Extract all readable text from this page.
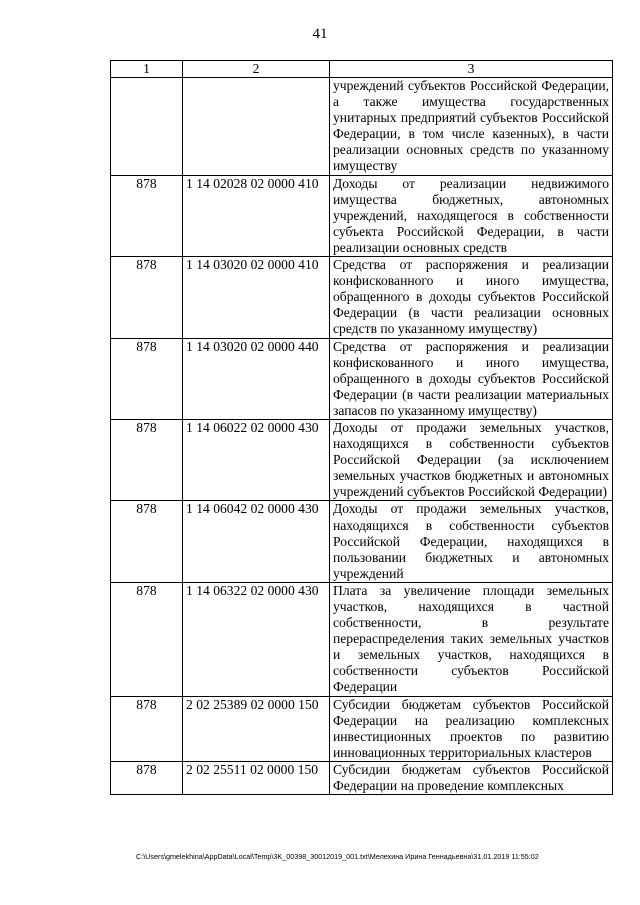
41
1	2	3
		учреждений субъектов Российской Федерации, а также имущества государственных унитарных предприятий субъектов Российской Федерации, в том числе казенных), в части реализации основных средств по указанному имуществу
878	1 14 02028 02 0000 410	Доходы от реализации недвижимого имущества бюджетных, автономных учреждений, находящегося в собственности субъекта Российской Федерации, в части реализации основных средств
878	1 14 03020 02 0000 410	Средства от распоряжения и реализации конфискованного и иного имущества, обращенного в доходы субъектов Российской Федерации (в части реализации основных средств по указанному имуществу)
878	1 14 03020 02 0000 440	Средства от распоряжения и реализации конфискованного и иного имущества, обращенного в доходы субъектов Российской Федерации (в части реализации материальных запасов по указанному имуществу)
878	1 14 06022 02 0000 430	Доходы от продажи земельных участков, находящихся в собственности субъектов Российской Федерации (за исключением земельных участков бюджетных и автономных учреждений субъектов Российской Федерации)
878	1 14 06042 02 0000 430	Доходы от продажи земельных участков, находящихся в собственности субъектов Российской Федерации, находящихся в пользовании бюджетных и автономных учреждений
878	1 14 06322 02 0000 430	Плата за увеличение площади земельных участков, находящихся в частной собственности, в результате перераспределения таких земельных участков и земельных участков, находящихся в собственности субъектов Российской Федерации
878	2 02 25389 02 0000 150	Субсидии бюджетам субъектов Российской Федерации на реализацию комплексных инвестиционных проектов по развитию инновационных территориальных кластеров
878	2 02 25511 02 0000 150	Субсидии бюджетам субъектов Российской Федерации на проведение комплексных
C:\Users\gmelekhina\AppData\Local\Temp\3K_00398_30012019_001.txt\Мелехина Ирина Геннадьевна\31.01.2019 11:55:02
